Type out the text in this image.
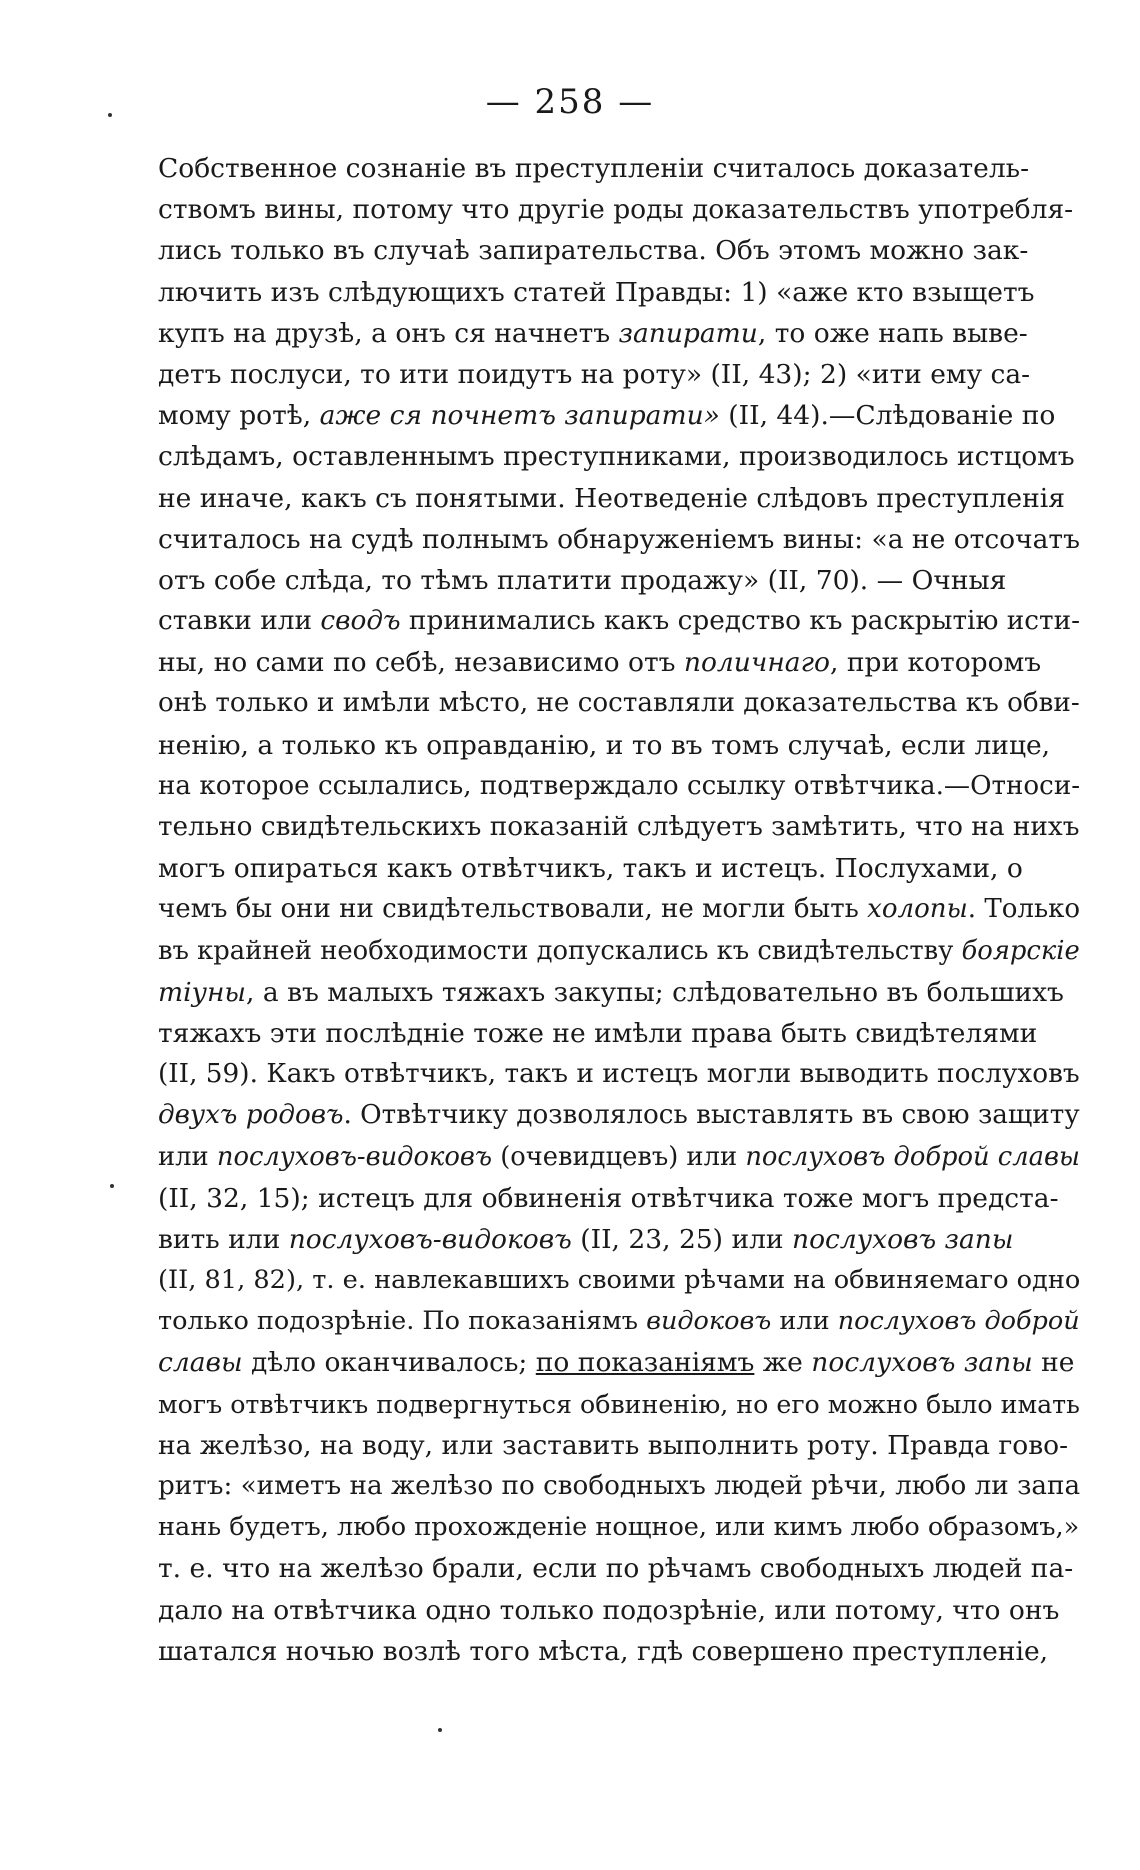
— 258 —
Собственное сознаніе въ преступленіи считалось доказатель-
ствомъ вины, потому что другіе роды доказательствъ употребля-
лись только въ случаѣ запирательства. Объ этомъ можно зак-
лючить изъ слѣдующихъ статей Правды: 1) «аже кто взыщетъ
купъ на друзѣ, а онъ ся начнетъ запирати, то оже напь выве-
детъ послуси, то ити поидутъ на роту» (II, 43); 2) «ити ему са-
мому ротѣ, аже ся почнетъ запирати» (II, 44).—Слѣдованіе по
слѣдамъ, оставленнымъ преступниками, производилось истцомъ
не иначе, какъ съ понятыми. Неотведеніе слѣдовъ преступленія
считалось на судѣ полнымъ обнаруженіемъ вины: «а не отсочатъ
отъ собе слѣда, то тѣмъ платити продажу» (II, 70). — Очныя
ставки или сводъ принимались какъ средство къ раскрытію исти-
ны, но сами по себѣ, независимо отъ поличнаго, при которомъ
онѣ только и имѣли мѣсто, не составляли доказательства къ обви-
ненію, а только къ оправданію, и то въ томъ случаѣ, если лице,
на которое ссылались, подтверждало ссылку отвѣтчика.—Относи-
тельно свидѣтельскихъ показаній слѣдуетъ замѣтить, что на нихъ
могъ опираться какъ отвѣтчикъ, такъ и истецъ. Послухами, о
чемъ бы они ни свидѣтельствовали, не могли быть холопы. Только
въ крайней необходимости допускались къ свидѣтельству боярскіе
тіуны, а въ малыхъ тяжахъ закупы; слѣдовательно въ большихъ
тяжахъ эти послѣдніе тоже не имѣли права быть свидѣтелями
(II, 59). Какъ отвѣтчикъ, такъ и истецъ могли выводить послуховъ
двухъ родовъ. Отвѣтчику дозволялось выставлять въ свою защиту
или послуховъ-видоковъ (очевидцевъ) или послуховъ доброй славы
(II, 32, 15); истецъ для обвиненія отвѣтчика тоже могъ предста-
вить или послуховъ-видоковъ (II, 23, 25) или послуховъ запы
(II, 81, 82), т. е. навлекавшихъ своими рѣчами на обвиняемаго одно
только подозрѣніе. По показаніямъ видоковъ или послуховъ доброй
славы дѣло оканчивалось; по показаніямъ же послуховъ запы не
могъ отвѣтчикъ подвергнуться обвиненію, но его можно было имать
на желѣзо, на воду, или заставить выполнить роту. Правда гово-
ритъ: «иметъ на желѣзо по свободныхъ людей рѣчи, любо ли запа
нань будетъ, любо прохожденіе нощное, или кимъ любо образомъ,»
т. е. что на желѣзо брали, если по рѣчамъ свободныхъ людей па-
дало на отвѣтчика одно только подозрѣніе, или потому, что онъ
шатался ночью возлѣ того мѣста, гдѣ совершено преступленіе,
